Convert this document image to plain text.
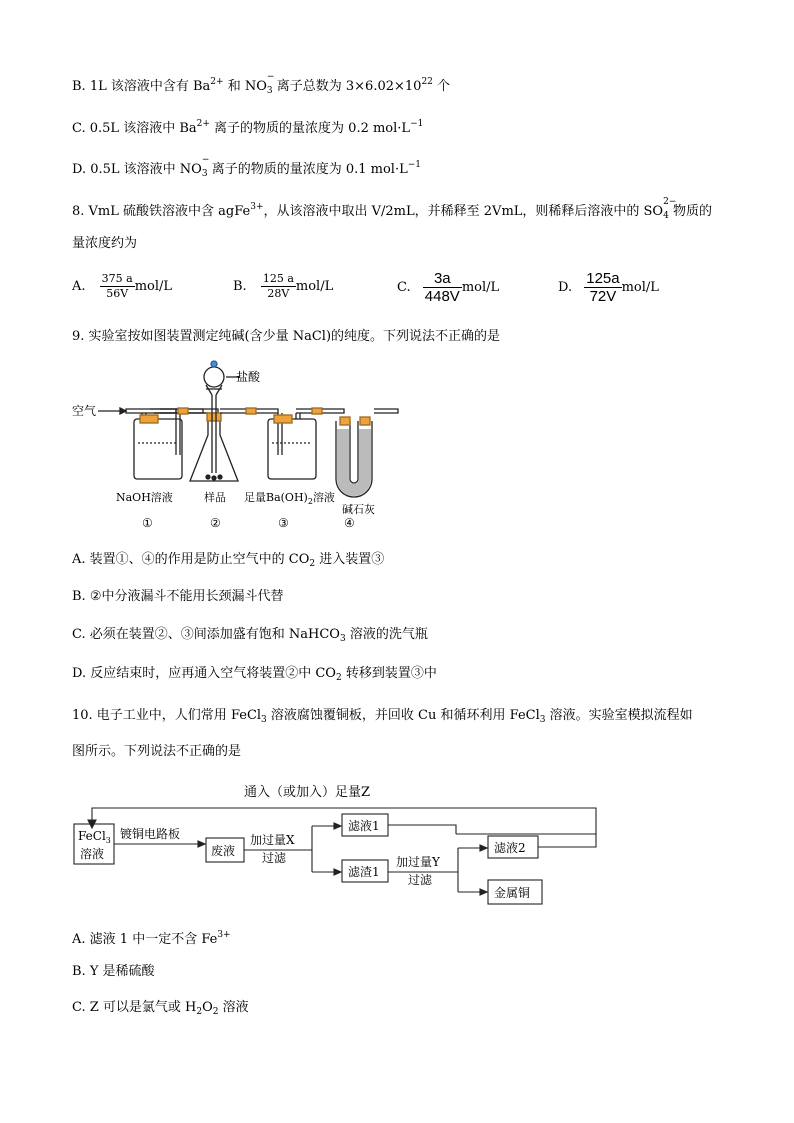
B. 1L 该溶液中含有 $Ba^{2+}$ 和 NO
−
$_3$ 离子总数为 $3\times 6.02\times 10^{22}$ 个
C. 0.5L 该溶液中 $Ba^{2+}$ 离子的物质的量浓度为 0.2 $mol\cdot L^{-1}$
D. 0.5L 该溶液中 NO
−
$_3$ 离子的物质的量浓度为 0.1 $mol\cdot L^{-1}$
8. VmL 硫酸铁溶液中含 agFe$^{3+}$，从该溶液中取出 V/2mL，并稀释至 2VmL，则稀释后溶液中的 SO
2−
$_4$ 物质的
量浓度约为
A. $\frac{375 a}{56V} mol/L$	B. $\frac{125 a}{28V} mol/L$	C. $\frac{3a}{448V} mol/L$	D. $\frac{125a}{72V} mol/L$
9. 实验室按如图装置测定纯碱(含少量 NaCl)的纯度。下列说法不正确的是
空气
盐酸
NaOH溶液	样品 足量$Ba(OH)_2$溶液
碱石灰
①	②	③	④
A. 装置①、④的作用是防止空气中的 $CO_2$ 进入装置③
B. ②中分液漏斗不能用长颈漏斗代替
C. 必须在装置②、③间添加盛有饱和 NaHCO$_3$ 溶液的洗气瓶
D. 反应结束时，应再通入空气将装置②中 $CO_2$ 转移到装置③中
10. 电子工业中，人们常用 FeCl$_3$ 溶液腐蚀覆铜板，并回收 Cu 和循环利用 FeCl$_3$ 溶液。实验室模拟流程如
图所示。下列说法不正确的是
通入（或加入）足量Z
FeCl$_3$
溶液
镀铜电路板
废液
加过量X
过滤
滤液1
滤渣1
加过量Y
过滤
滤液2
金属铜
A. 滤液 1 中一定不含 $Fe^{3+}$
B. Y 是稀硫酸
C. Z 可以是氯气或 $H_2O_2$ 溶液
